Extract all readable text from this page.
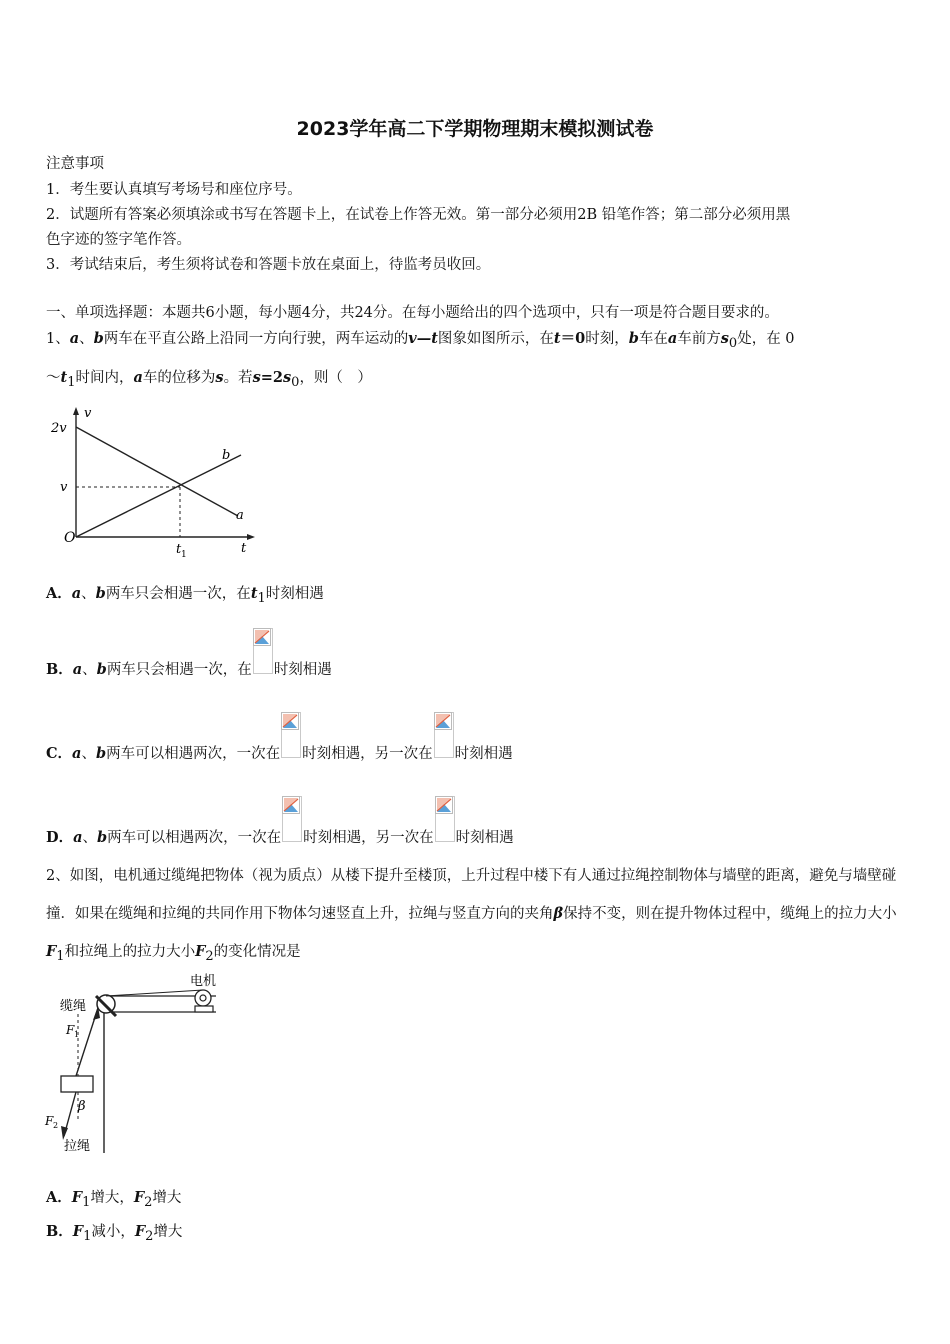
2023学年高二下学期物理期末模拟测试卷
注意事项
1．考生要认真填写考场号和座位序号。
2．试题所有答案必须填涂或书写在答题卡上，在试卷上作答无效。第一部分必须用2B 铅笔作答；第二部分必须用黑
色字迹的签字笔作答。
3．考试结束后，考生须将试卷和答题卡放在桌面上，待监考员收回。
一、单项选择题：本题共6小题，每小题4分，共24分。在每小题给出的四个选项中，只有一项是符合题目要求的。
1、a、b两车在平直公路上沿同一方向行驶，两车运动的v—t图象如图所示，在t＝0时刻，b车在a车前方$s_0$处，在 0
$\sim t_1$时间内，a车的位移为s。若$s=2s_0$，则（　）
v
2v
v
O
t 1	t
b
a
A．a、b两车只会相遇一次，在$t_1$时刻相遇
B．a、b两车只会相遇一次，在 时刻相遇
C．a、b两车可以相遇两次，一次在 时刻相遇，另一次在 时刻相遇
D．a、b两车可以相遇两次，一次在 时刻相遇，另一次在 时刻相遇
2、如图，电机通过缆绳把物体（视为质点）从楼下提升至楼顶，上升过程中楼下有人通过拉绳控制物体与墙壁的距离，避免与墙壁碰撞．如果在缆绳和拉绳的共同作用下物体匀速竖直上升，拉绳与竖直方向的夹角β保持不变，则在提升物体过程中，缆绳上的拉力大小$F_1$和拉绳上的拉力大小$F_2$的变化情况是
电机
缆绳
F 1
β
F 2
拉绳
A．$F_1$增大，$F_2$增大
B．$F_1$减小，$F_2$增大
